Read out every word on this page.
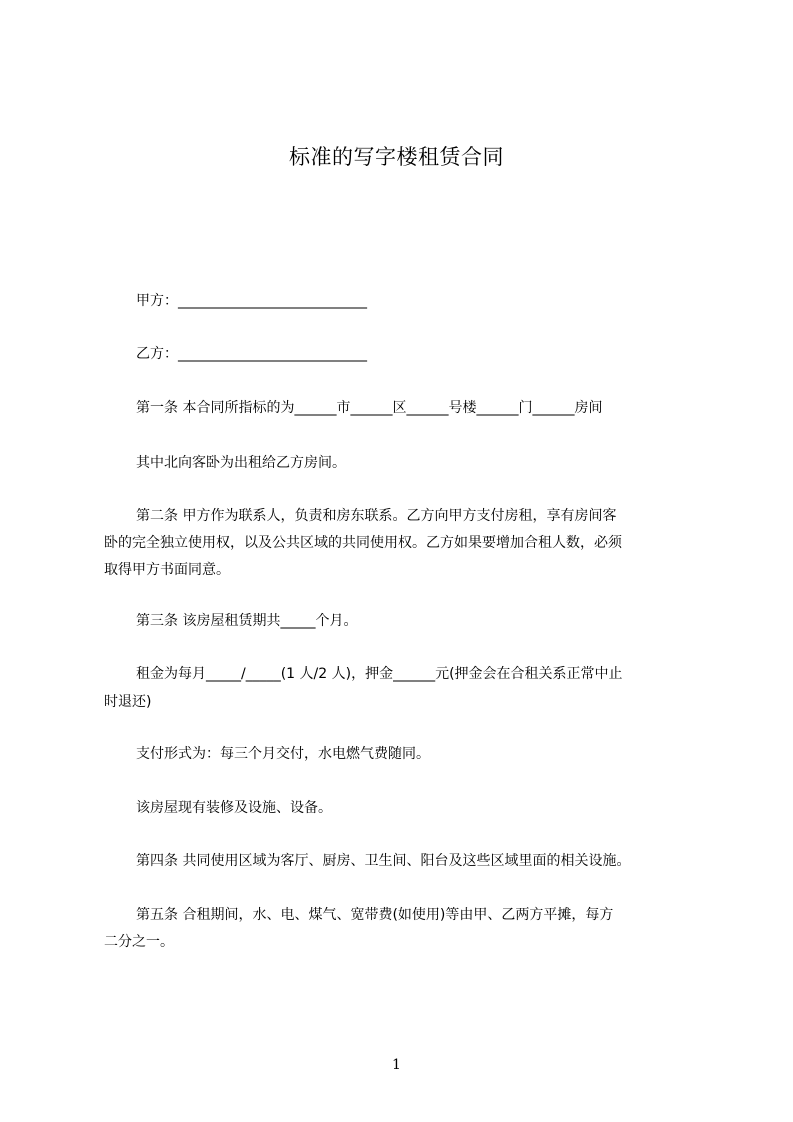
标准的写字楼租赁合同

甲方：___________________________

乙方：___________________________

第一条 本合同所指标的为______市______区______号楼______门______房间

其中北向客卧为出租给乙方房间。

第二条 甲方作为联系人，负责和房东联系。乙方向甲方支付房租，享有房间客

卧的完全独立使用权，以及公共区域的共同使用权。乙方如果要增加合租人数，必须

取得甲方书面同意。

第三条 该房屋租赁期共_____个月。

租金为每月_____/_____(1 人/2 人)，押金______元(押金会在合租关系正常中止

时退还)

支付形式为：每三个月交付，水电燃气费随同。

该房屋现有装修及设施、设备。

第四条 共同使用区域为客厅、厨房、卫生间、阳台及这些区域里面的相关设施。

第五条 合租期间，水、电、煤气、宽带费(如使用)等由甲、乙两方平摊，每方

二分之一。

1
